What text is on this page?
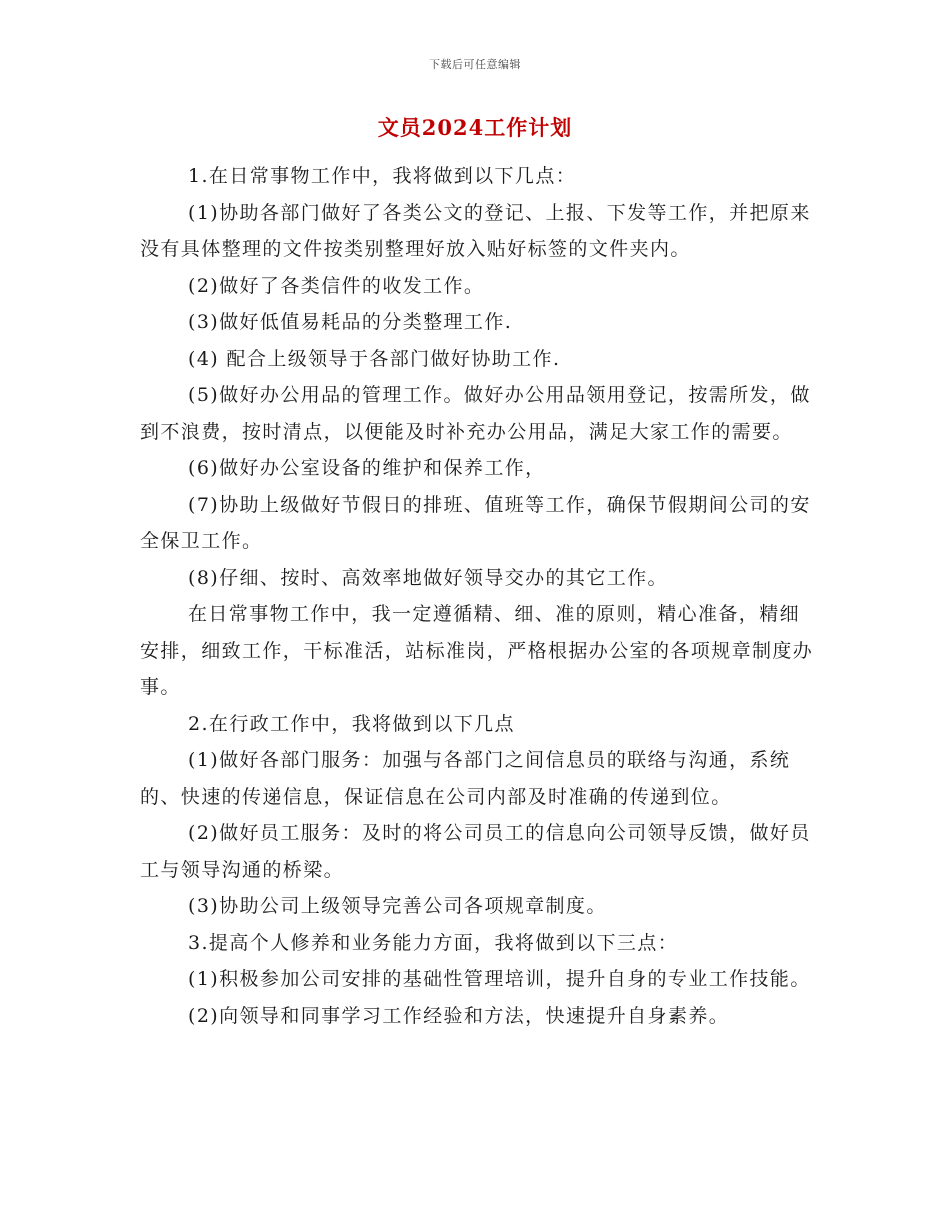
下载后可任意编辑
文员2024工作计划

1.在日常事物工作中，我将做到以下几点：

(1)协助各部门做好了各类公文的登记、上报、下发等工作，并把原来没有具体整理的文件按类别整理好放入贴好标签的文件夹内。

(2)做好了各类信件的收发工作。

(3)做好低值易耗品的分类整理工作.

(4) 配合上级领导于各部门做好协助工作.

(5)做好办公用品的管理工作。做好办公用品领用登记，按需所发，做到不浪费，按时清点，以便能及时补充办公用品，满足大家工作的需要。

(6)做好办公室设备的维护和保养工作，

(7)协助上级做好节假日的排班、值班等工作，确保节假期间公司的安全保卫工作。

(8)仔细、按时、高效率地做好领导交办的其它工作。

在日常事物工作中，我一定遵循精、细、准的原则，精心准备，精细安排，细致工作，干标准活，站标准岗，严格根据办公室的各项规章制度办事。

2.在行政工作中，我将做到以下几点

(1)做好各部门服务：加强与各部门之间信息员的联络与沟通，系统的、快速的传递信息，保证信息在公司内部及时准确的传递到位。

(2)做好员工服务：及时的将公司员工的信息向公司领导反馈，做好员工与领导沟通的桥梁。

(3)协助公司上级领导完善公司各项规章制度。

3.提高个人修养和业务能力方面，我将做到以下三点：

(1)积极参加公司安排的基础性管理培训，提升自身的专业工作技能。

(2)向领导和同事学习工作经验和方法，快速提升自身素养。
